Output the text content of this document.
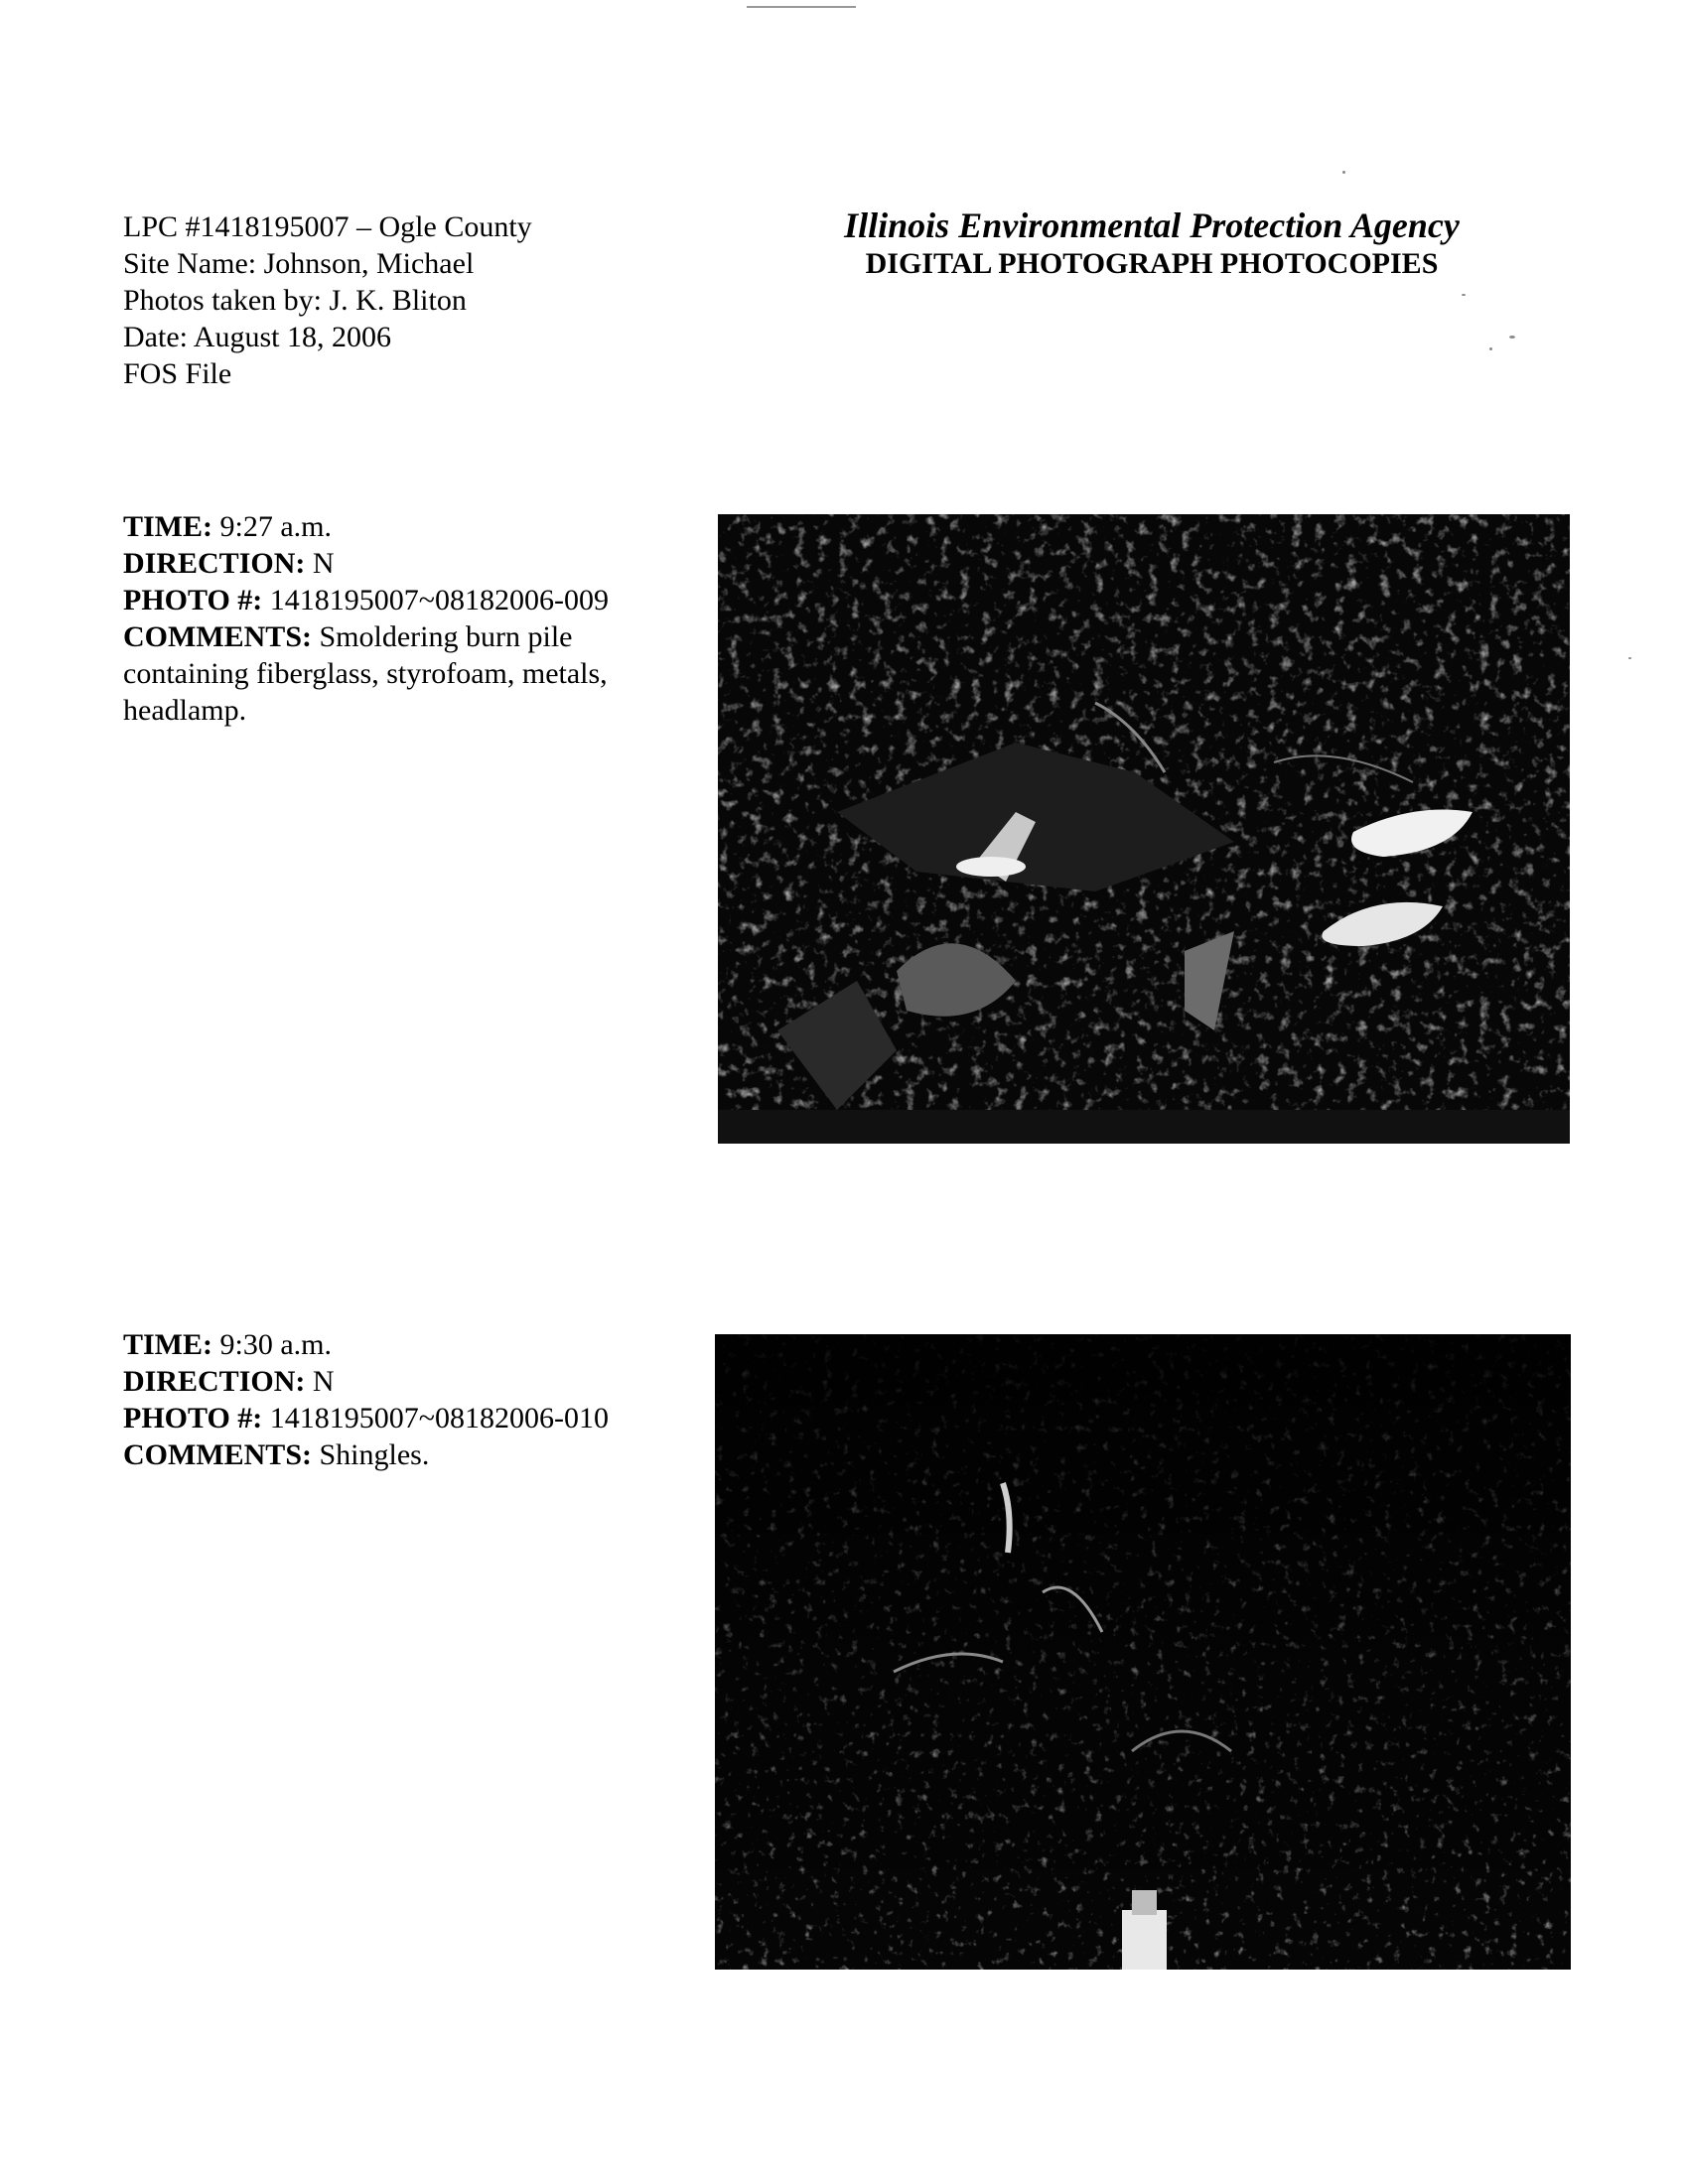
LPC #1418195007 – Ogle County
Site Name: Johnson, Michael
Photos taken by: J. K. Bliton
Date: August 18, 2006
FOS File
Illinois Environmental Protection Agency
DIGITAL PHOTOGRAPH PHOTOCOPIES
TIME: 9:27 a.m.
DIRECTION: N
PHOTO #: 1418195007~08182006-009
COMMENTS: Smoldering burn pile containing fiberglass, styrofoam, metals, headlamp.
TIME: 9:30 a.m.
DIRECTION: N
PHOTO #: 1418195007~08182006-010
COMMENTS: Shingles.
